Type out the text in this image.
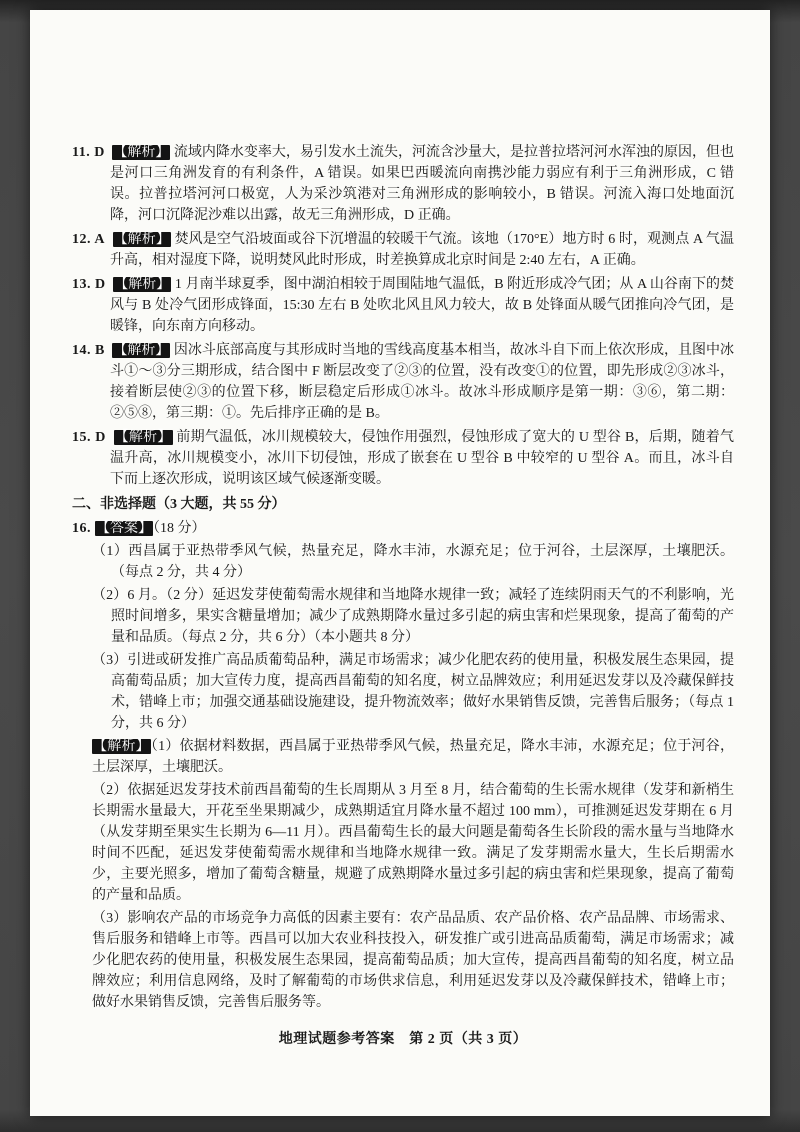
11. D 【解析】 流域内降水变率大，易引发水土流失，河流含沙量大，是拉普拉塔河河水浑浊的原因，但也是河口三角洲发育的有利条件，A 错误。如果巴西暖流向南携沙能力弱应有利于三角洲形成，C 错误。拉普拉塔河河口极宽，人为采沙筑港对三角洲形成的影响较小，B 错误。河流入海口处地面沉降，河口沉降泥沙难以出露，故无三角洲形成，D 正确。
12. A 【解析】 焚风是空气沿坡面或谷下沉增温的较暖干气流。该地（170°E）地方时 6 时，观测点 A 气温升高，相对湿度下降，说明焚风此时形成，时差换算成北京时间是 2:40 左右，A 正确。
13. D 【解析】 1 月南半球夏季，图中湖泊相较于周围陆地气温低，B 附近形成冷气团；从 A 山谷南下的焚风与 B 处冷气团形成锋面，15:30 左右 B 处吹北风且风力较大，故 B 处锋面从暖气团推向冷气团，是暖锋，向东南方向移动。
14. B 【解析】 因冰斗底部高度与其形成时当地的雪线高度基本相当，故冰斗自下而上依次形成，且图中冰斗①～③分三期形成，结合图中 F 断层改变了②③的位置，没有改变①的位置，即先形成②③冰斗，接着断层使②③的位置下移，断层稳定后形成①冰斗。故冰斗形成顺序是第一期：③⑥，第二期：②⑤⑧，第三期：①。先后排序正确的是 B。
15. D 【解析】 前期气温低，冰川规模较大，侵蚀作用强烈，侵蚀形成了宽大的 U 型谷 B，后期，随着气温升高，冰川规模变小，冰川下切侵蚀，形成了嵌套在 U 型谷 B 中较窄的 U 型谷 A。而且，冰斗自下而上逐次形成，说明该区域气候逐渐变暖。
二、非选择题（3 大题，共 55 分）
16. 【答案】（18 分）
（1）西昌属于亚热带季风气候，热量充足，降水丰沛，水源充足；位于河谷，土层深厚，土壤肥沃。（每点 2 分，共 4 分）
（2）6 月。（2 分）延迟发芽使葡萄需水规律和当地降水规律一致；减轻了连续阴雨天气的不利影响，光照时间增多，果实含糖量增加；减少了成熟期降水量过多引起的病虫害和烂果现象，提高了葡萄的产量和品质。（每点 2 分，共 6 分）（本小题共 8 分）
（3）引进或研发推广高品质葡萄品种，满足市场需求；减少化肥农药的使用量，积极发展生态果园，提高葡萄品质；加大宣传力度，提高西昌葡萄的知名度，树立品牌效应；利用延迟发芽以及冷藏保鲜技术，错峰上市；加强交通基础设施建设，提升物流效率；做好水果销售反馈，完善售后服务；（每点 1 分，共 6 分）
【解析】（1）依据材料数据，西昌属于亚热带季风气候，热量充足，降水丰沛，水源充足；位于河谷，土层深厚，土壤肥沃。
（2）依据延迟发芽技术前西昌葡萄的生长周期从 3 月至 8 月，结合葡萄的生长需水规律（发芽和新梢生长期需水量最大，开花至坐果期减少，成熟期适宜月降水量不超过 100 mm），可推测延迟发芽期在 6 月（从发芽期至果实生长期为 6—11 月）。西昌葡萄生长的最大问题是葡萄各生长阶段的需水量与当地降水时间不匹配，延迟发芽使葡萄需水规律和当地降水规律一致。满足了发芽期需水量大，生长后期需水少，主要光照多，增加了葡萄含糖量，规避了成熟期降水量过多引起的病虫害和烂果现象，提高了葡萄的产量和品质。
（3）影响农产品的市场竞争力高低的因素主要有：农产品品质、农产品价格、农产品品牌、市场需求、售后服务和错峰上市等。西昌可以加大农业科技投入，研发推广或引进高品质葡萄，满足市场需求；减少化肥农药的使用量，积极发展生态果园，提高葡萄品质；加大宣传，提高西昌葡萄的知名度，树立品牌效应；利用信息网络，及时了解葡萄的市场供求信息，利用延迟发芽以及冷藏保鲜技术，错峰上市；做好水果销售反馈，完善售后服务等。
地理试题参考答案　第 2 页（共 3 页）
